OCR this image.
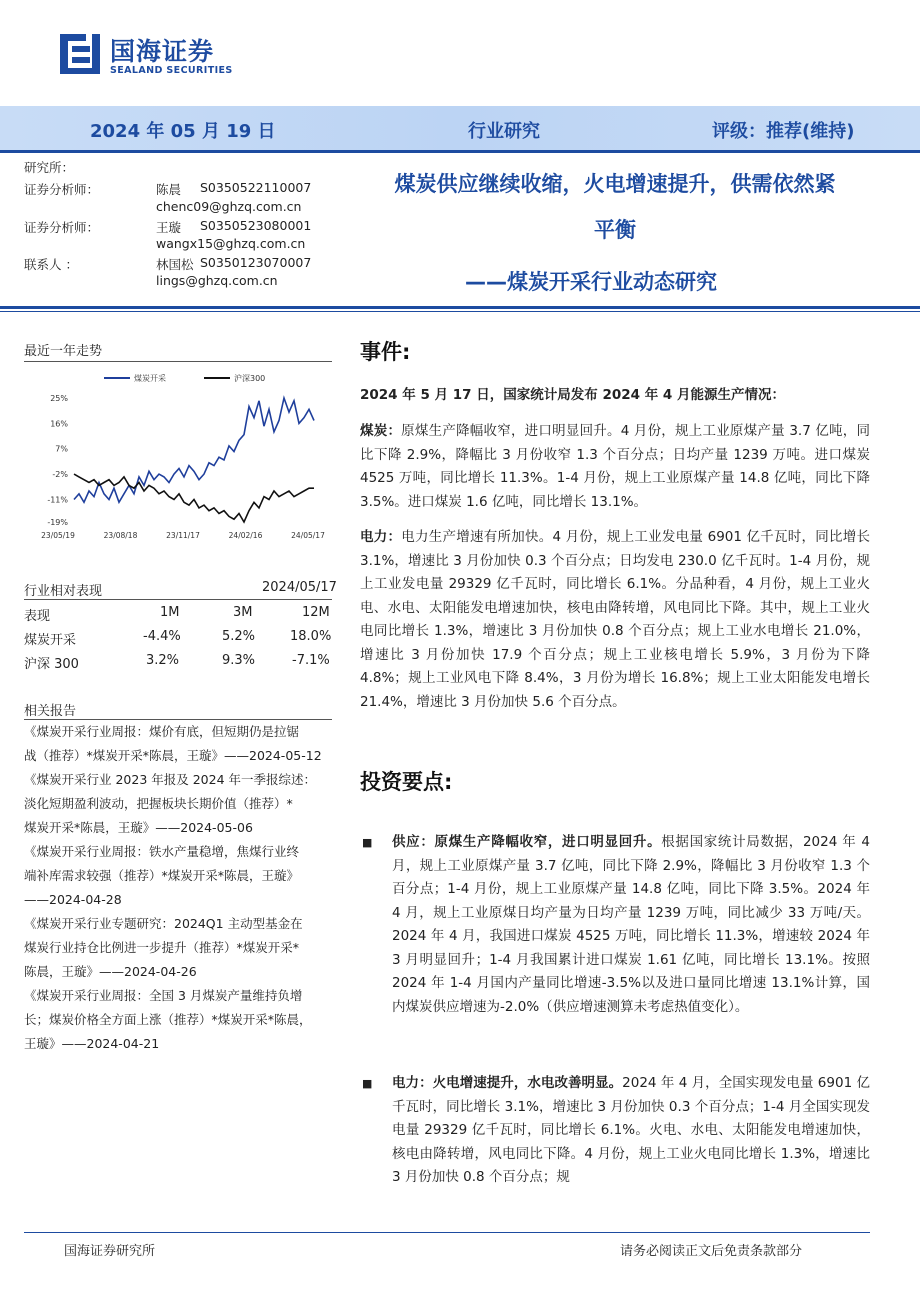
国海证券
SEALAND SECURITIES
2024 年 05 月 19 日	行业研究	评级：推荐(维持)
研究所：
证券分析师：	陈晨 S0350522110007
chenc09@ghzq.com.cn
证券分析师：	王璇 S0350523080001
wangx15@ghzq.com.cn
联系人 ：	林国松 S0350123070007
lings@ghzq.com.cn
煤炭供应继续收缩，火电增速提升，供需依然紧
平衡
——煤炭开采行业动态研究
最近一年走势
煤炭开采	沪深300
25%
16%
7%
-2%
-11%
-19%
23/05/19	23/08/18	23/11/17	24/02/16	24/05/17
行业相对表现	2024/05/17
表现	1M	3M	12M
煤炭开采	-4.4%	5.2%	18.0%
沪深 300	3.2%	9.3%	-7.1%
相关报告
《煤炭开采行业周报：煤价有底，但短期仍是拉锯
战（推荐）*煤炭开采*陈晨，王璇》——2024-05-12
《煤炭开采行业 2023 年报及 2024 年一季报综述：
淡化短期盈利波动，把握板块长期价值（推荐）*
煤炭开采*陈晨，王璇》——2024-05-06
《煤炭开采行业周报：铁水产量稳增，焦煤行业终
端补库需求较强（推荐）*煤炭开采*陈晨，王璇》
——2024-04-28
《煤炭开采行业专题研究：2024Q1 主动型基金在
煤炭行业持仓比例进一步提升（推荐）*煤炭开采*
陈晨，王璇》——2024-04-26
《煤炭开采行业周报：全国 3 月煤炭产量维持负增
长；煤炭价格全方面上涨（推荐）*煤炭开采*陈晨，
王璇》——2024-04-21
事件:
2024 年 5 月 17 日，国家统计局发布 2024 年 4 月能源生产情况：
煤炭：原煤生产降幅收窄，进口明显回升。4 月份，规上工业原煤产量 3.7 亿吨，同比下降 2.9%，降幅比 3 月份收窄 1.3 个百分点；日均产量 1239 万吨。进口煤炭 4525 万吨，同比增长 11.3%。1-4 月份，规上工业原煤产量 14.8 亿吨，同比下降 3.5%。进口煤炭 1.6 亿吨，同比增长 13.1%。
电力：电力生产增速有所加快。4 月份，规上工业发电量 6901 亿千瓦时，同比增长 3.1%，增速比 3 月份加快 0.3 个百分点；日均发电 230.0 亿千瓦时。1-4 月份，规上工业发电量 29329 亿千瓦时，同比增长 6.1%。分品种看，4 月份，规上工业火电、水电、太阳能发电增速加快，核电由降转增，风电同比下降。其中，规上工业火电同比增长 1.3%，增速比 3 月份加快 0.8 个百分点；规上工业水电增长 21.0%，增速比 3 月份加快 17.9 个百分点；规上工业核电增长 5.9%，3 月份为下降 4.8%；规上工业风电下降 8.4%，3 月份为增长 16.8%；规上工业太阳能发电增长 21.4%，增速比 3 月份加快 5.6 个百分点。
投资要点:
■ 供应：原煤生产降幅收窄，进口明显回升。根据国家统计局数据，2024 年 4 月，规上工业原煤产量 3.7 亿吨，同比下降 2.9%，降幅比 3 月份收窄 1.3 个百分点；1-4 月份，规上工业原煤产量 14.8 亿吨，同比下降 3.5%。2024 年 4 月，规上工业原煤日均产量为日均产量 1239 万吨，同比减少 33 万吨/天。2024 年 4 月，我国进口煤炭 4525 万吨，同比增长 11.3%，增速较 2024 年 3 月明显回升；1-4 月我国累计进口煤炭 1.61 亿吨，同比增长 13.1%。按照 2024 年 1-4 月国内产量同比增速-3.5%以及进口量同比增速 13.1%计算，国内煤炭供应增速为-2.0%（供应增速测算未考虑热值变化）。
■ 电力：火电增速提升，水电改善明显。2024 年 4 月，全国实现发电量 6901 亿千瓦时，同比增长 3.1%，增速比 3 月份加快 0.3 个百分点；1-4 月全国实现发电量 29329 亿千瓦时，同比增长 6.1%。火电、水电、太阳能发电增速加快，核电由降转增，风电同比下降。4 月份，规上工业火电同比增长 1.3%，增速比 3 月份加快 0.8 个百分点；规
国海证券研究所	请务必阅读正文后免责条款部分
